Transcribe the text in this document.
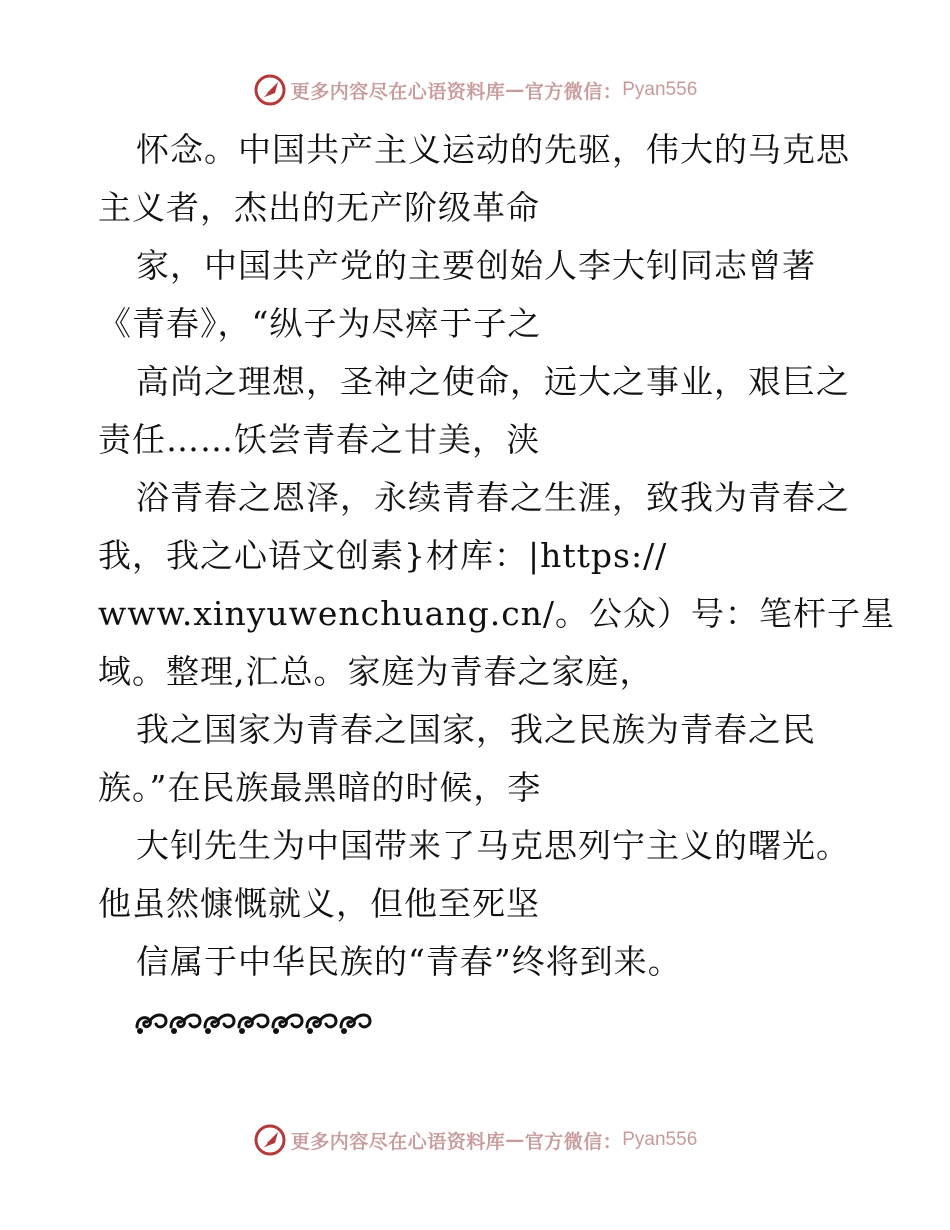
更多内容尽在心语资料库 — 官方微信： Pyan556
怀念。中国共产主义运动的先驱，伟大的马克思
主义者，杰出的无产阶级革命
家，中国共产党的主要创始人李大钊同志曾著
《青春》，“纵子为尽瘁于子之
高尚之理想，圣神之使命，远大之事业，艰巨之
责任……饫尝青春之甘美，浃
浴青春之恩泽，永续青春之生涯，致我为青春之
我，我之心语文创素}材库：|https://
www.xinyuwenchuang.cn/。公众）号：笔杆子星
域。整理,汇总。家庭为青春之家庭，
我之国家为青春之国家，我之民族为青春之民
族。”在民族最黑暗的时候，李
大钊先生为中国带来了马克思列宁主义的曙光。
他虽然慷慨就义，但他至死坚
信属于中华民族的“青春”终将到来。
更多内容尽在心语资料库 — 官方微信： Pyan556
